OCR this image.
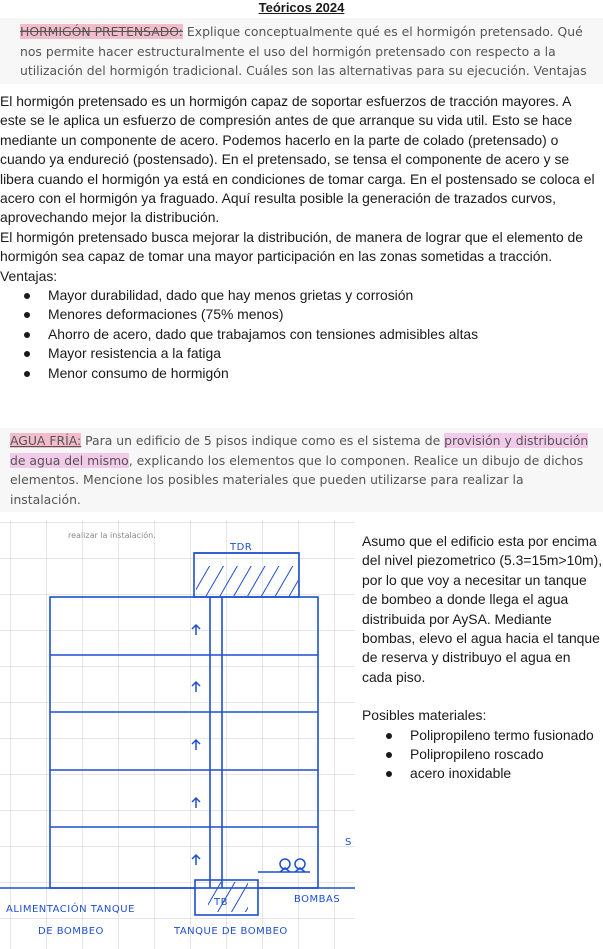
Teóricos 2024
HORMIGÓN PRETENSADO: Explique conceptualmente qué es el hormigón pretensado. Qué nos permite hacer estructuralmente el uso del hormigón pretensado con respecto a la utilización del hormigón tradicional. Cuáles son las alternativas para su ejecución. Ventajas

El hormigón pretensado es un hormigón capaz de soportar esfuerzos de tracción mayores. A este se le aplica un esfuerzo de compresión antes de que arranque su vida util. Esto se hace mediante un componente de acero. Podemos hacerlo en la parte de colado (pretensado) o cuando ya endureció (postensado). En el pretensado, se tensa el componente de acero y se libera cuando el hormigón ya está en condiciones de tomar carga. En el postensado se coloca el acero con el hormigón ya fraguado. Aquí resulta posible la generación de trazados curvos, aprovechando mejor la distribución.

El hormigón pretensado busca mejorar la distribución, de manera de lograr que el elemento de hormigón sea capaz de tomar una mayor participación en las zonas sometidas a tracción.

Ventajas:

Mayor durabilidad, dado que hay menos grietas y corrosión
Menores deformaciones (75% menos)
Ahorro de acero, dado que trabajamos con tensiones admisibles altas
Mayor resistencia a la fatiga
Menor consumo de hormigón
AGUA FRÍA: Para un edificio de 5 pisos indique como es el sistema de provisión y distribución de agua del mismo, explicando los elementos que lo componen. Realice un dibujo de dichos elementos. Mencione los posibles materiales que pueden utilizarse para realizar la instalación.
realizar la instalación.
TDR
TB	BOMBAS
ALIMENTACIÓN TANQUE
DE BOMBEO	TANQUE DE BOMBEO
S

Asumo que el edificio esta por encima del nivel piezometrico (5.3=15m>10m), por lo que voy a necesitar un tanque de bombeo a donde llega el agua distribuida por AySA. Mediante bombas, elevo el agua hacia el tanque de reserva y distribuyo el agua en cada piso.

Posibles materiales:

Polipropileno termo fusionado
Polipropileno roscado
acero inoxidable
